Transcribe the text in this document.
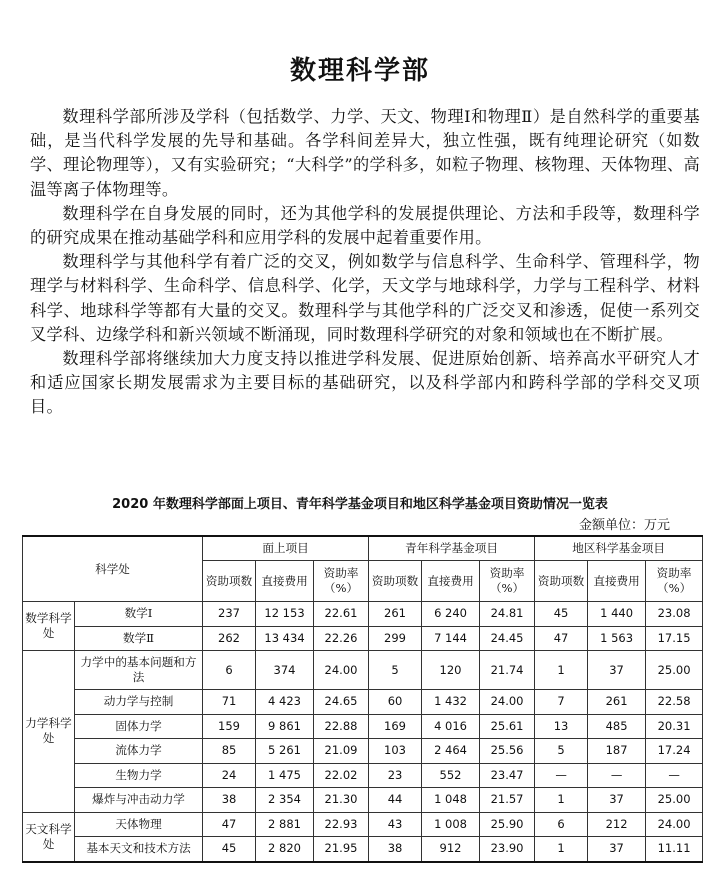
数理科学部

数理科学部所涉及学科（包括数学、力学、天文、物理Ⅰ和物理Ⅱ）是自然科学的重要基础，是当代科学发展的先导和基础。各学科间差异大，独立性强，既有纯理论研究（如数学、理论物理等），又有实验研究；“大科学”的学科多，如粒子物理、核物理、天体物理、高温等离子体物理等。

数理科学在自身发展的同时，还为其他学科的发展提供理论、方法和手段等，数理科学的研究成果在推动基础学科和应用学科的发展中起着重要作用。

数理科学与其他科学有着广泛的交叉，例如数学与信息科学、生命科学、管理科学，物理学与材料科学、生命科学、信息科学、化学，天文学与地球科学，力学与工程科学、材料科学、地球科学等都有大量的交叉。数理科学与其他学科的广泛交叉和渗透，促使一系列交叉学科、边缘学科和新兴领域不断涌现，同时数理科学研究的对象和领域也在不断扩展。

数理科学部将继续加大力度支持以推进学科发展、促进原始创新、培养高水平研究人才和适应国家长期发展需求为主要目标的基础研究，以及科学部内和跨科学部的学科交叉项目。

2020 年数理科学部面上项目、青年科学基金项目和地区科学基金项目资助情况一览表
金额单位：万元
科学处		面上项目			青年科学基金项目			地区科学基金项目		
		资助项数	直接费用	资助率（%）	资助项数	直接费用	资助率（%）	资助项数	直接费用	资助率（%）
数学科学处	数学Ⅰ	237	12 153	22.61	261	6 240	24.81	45	1 440	23.08
	数学Ⅱ	262	13 434	22.26	299	7 144	24.45	47	1 563	17.15
力学科学处	力学中的基本问题和方法	6	374	24.00	5	120	21.74	1	37	25.00
	动力学与控制	71	4 423	24.65	60	1 432	24.00	7	261	22.58
	固体力学	159	9 861	22.88	169	4 016	25.61	13	485	20.31
	流体力学	85	5 261	21.09	103	2 464	25.56	5	187	17.24
	生物力学	24	1 475	22.02	23	552	23.47	—	—	—
	爆炸与冲击动力学	38	2 354	21.30	44	1 048	21.57	1	37	25.00
天文科学处	天体物理	47	2 881	22.93	43	1 008	25.90	6	212	24.00
	基本天文和技术方法	45	2 820	21.95	38	912	23.90	1	37	11.11
